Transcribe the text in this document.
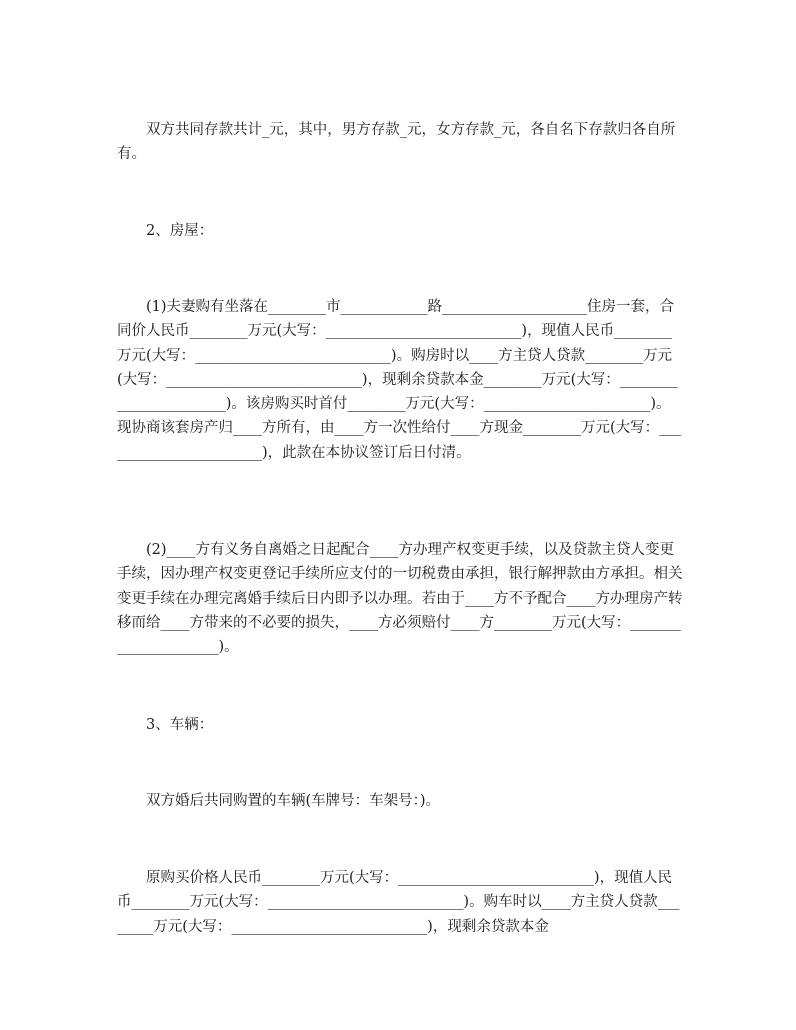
双方共同存款共计_元，其中，男方存款_元，女方存款_元，各自名下存款归各自所有。

2、房屋：

(1)夫妻购有坐落在________市____________路____________________住房一套，合同价人民币________万元(大写：___________________________)，现值人民币________万元(大写：___________________________)。购房时以____方主贷人贷款________万元(大写：___________________________)，现剩余贷款本金________万元(大写：_______________________)。该房购买时首付________万元(大写：_______________________)。现协商该套房产归____方所有，由____方一次性给付____方现金________万元(大写：_______________________)，此款在本协议签订后日付清。

(2)____方有义务自离婚之日起配合____方办理产权变更手续，以及贷款主贷人变更手续，因办理产权变更登记手续所应支付的一切税费由承担，银行解押款由方承担。相关变更手续在办理完离婚手续后日内即予以办理。若由于____方不予配合____方办理房产转移而给____方带来的不必要的损失，____方必须赔付____方________万元(大写：_____________________)。

3、车辆：

双方婚后共同购置的车辆(车牌号：车架号：)。

原购买价格人民币________万元(大写：___________________________)，现值人民币________万元(大写：___________________________)。购车时以____方主贷人贷款________万元(大写：___________________________)，现剩余贷款本金
